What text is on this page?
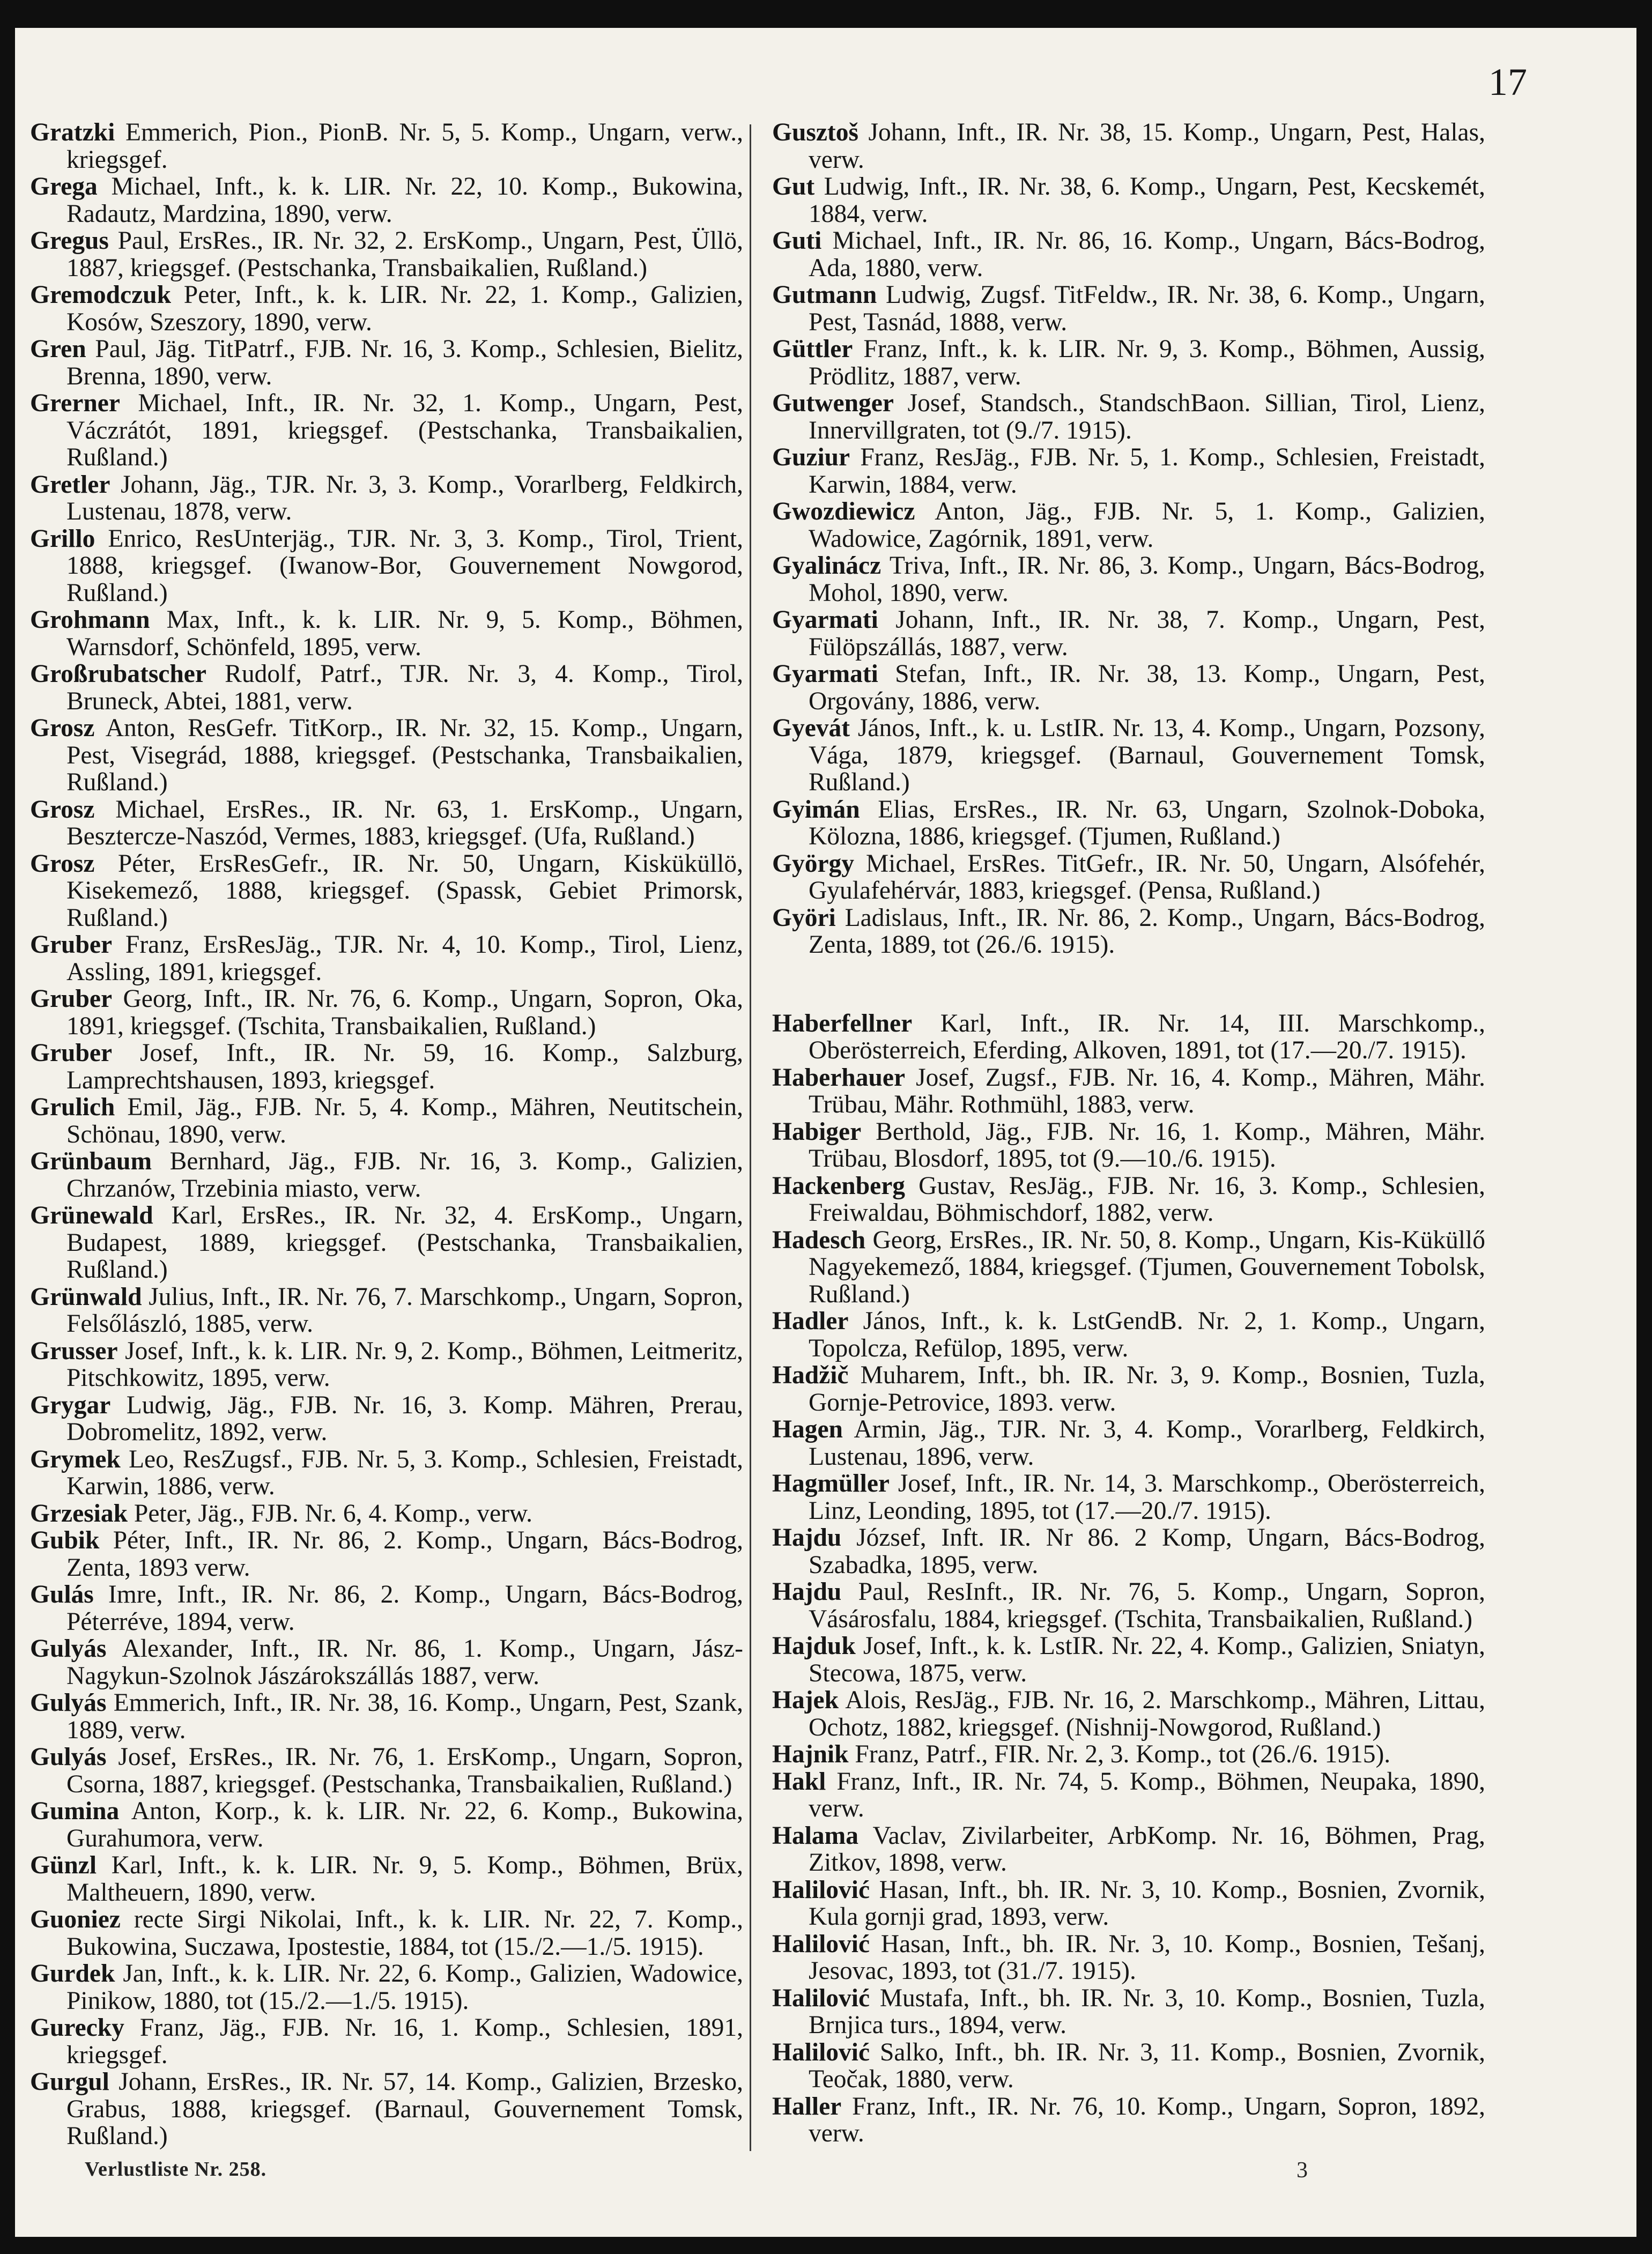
17

Gratzki Emmerich, Pion., PionB. Nr. 5, 5. Komp., Ungarn, verw., kriegsgef.

Grega Michael, Inft., k. k. LIR. Nr. 22, 10. Komp., Bukowina, Radautz, Mardzina, 1890, verw.

Gregus Paul, ErsRes., IR. Nr. 32, 2. ErsKomp., Ungarn, Pest, Üllö, 1887, kriegsgef. (Pestschanka, Transbaikalien, Rußland.)

Gremodczuk Peter, Inft., k. k. LIR. Nr. 22, 1. Komp., Galizien, Kosów, Szeszory, 1890, verw.

Gren Paul, Jäg. TitPatrf., FJB. Nr. 16, 3. Komp., Schlesien, Bielitz, Brenna, 1890, verw.

Grerner Michael, Inft., IR. Nr. 32, 1. Komp., Ungarn, Pest, Váczrátót, 1891, kriegsgef. (Pestschanka, Transbaikalien, Rußland.)

Gretler Johann, Jäg., TJR. Nr. 3, 3. Komp., Vorarlberg, Feldkirch, Lustenau, 1878, verw.

Grillo Enrico, ResUnterjäg., TJR. Nr. 3, 3. Komp., Tirol, Trient, 1888, kriegsgef. (Iwanow-Bor, Gouvernement Nowgorod, Rußland.)

Grohmann Max, Inft., k. k. LIR. Nr. 9, 5. Komp., Böhmen, Warnsdorf, Schönfeld, 1895, verw.

Großrubatscher Rudolf, Patrf., TJR. Nr. 3, 4. Komp., Tirol, Bruneck, Abtei, 1881, verw.

Grosz Anton, ResGefr. TitKorp., IR. Nr. 32, 15. Komp., Ungarn, Pest, Visegrád, 1888, kriegsgef. (Pestschanka, Transbaikalien, Rußland.)

Grosz Michael, ErsRes., IR. Nr. 63, 1. ErsKomp., Ungarn, Besztercze-Naszód, Vermes, 1883, kriegsgef. (Ufa, Rußland.)

Grosz Péter, ErsResGefr., IR. Nr. 50, Ungarn, Kisküküllö, Kisekemező, 1888, kriegsgef. (Spassk, Gebiet Primorsk, Rußland.)

Gruber Franz, ErsResJäg., TJR. Nr. 4, 10. Komp., Tirol, Lienz, Assling, 1891, kriegsgef.

Gruber Georg, Inft., IR. Nr. 76, 6. Komp., Ungarn, Sopron, Oka, 1891, kriegsgef. (Tschita, Transbaikalien, Rußland.)

Gruber Josef, Inft., IR. Nr. 59, 16. Komp., Salzburg, Lamprechtshausen, 1893, kriegsgef.

Grulich Emil, Jäg., FJB. Nr. 5, 4. Komp., Mähren, Neutitschein, Schönau, 1890, verw.

Grünbaum Bernhard, Jäg., FJB. Nr. 16, 3. Komp., Galizien, Chrzanów, Trzebinia miasto, verw.

Grünewald Karl, ErsRes., IR. Nr. 32, 4. ErsKomp., Ungarn, Budapest, 1889, kriegsgef. (Pestschanka, Transbaikalien, Rußland.)

Grünwald Julius, Inft., IR. Nr. 76, 7. Marschkomp., Ungarn, Sopron, Felsőlászló, 1885, verw.

Grusser Josef, Inft., k. k. LIR. Nr. 9, 2. Komp., Böhmen, Leitmeritz, Pitschkowitz, 1895, verw.

Grygar Ludwig, Jäg., FJB. Nr. 16, 3. Komp. Mähren, Prerau, Dobromelitz, 1892, verw.

Grymek Leo, ResZugsf., FJB. Nr. 5, 3. Komp., Schlesien, Freistadt, Karwin, 1886, verw.

Grzesiak Peter, Jäg., FJB. Nr. 6, 4. Komp., verw.

Gubik Péter, Inft., IR. Nr. 86, 2. Komp., Ungarn, Bács-Bodrog, Zenta, 1893 verw.

Gulás Imre, Inft., IR. Nr. 86, 2. Komp., Ungarn, Bács-Bodrog, Péterréve, 1894, verw.

Gulyás Alexander, Inft., IR. Nr. 86, 1. Komp., Ungarn, Jász-Nagykun-Szolnok Jászárokszállás 1887, verw.

Gulyás Emmerich, Inft., IR. Nr. 38, 16. Komp., Ungarn, Pest, Szank, 1889, verw.

Gulyás Josef, ErsRes., IR. Nr. 76, 1. ErsKomp., Ungarn, Sopron, Csorna, 1887, kriegsgef. (Pestschanka, Transbaikalien, Rußland.)

Gumina Anton, Korp., k. k. LIR. Nr. 22, 6. Komp., Bukowina, Gurahumora, verw.

Günzl Karl, Inft., k. k. LIR. Nr. 9, 5. Komp., Böhmen, Brüx, Maltheuern, 1890, verw.

Guoniez recte Sirgi Nikolai, Inft., k. k. LIR. Nr. 22, 7. Komp., Bukowina, Suczawa, Ipostestie, 1884, tot (15./2.—1./5. 1915).

Gurdek Jan, Inft., k. k. LIR. Nr. 22, 6. Komp., Galizien, Wadowice, Pinikow, 1880, tot (15./2.—1./5. 1915).

Gurecky Franz, Jäg., FJB. Nr. 16, 1. Komp., Schlesien, 1891, kriegsgef.

Gurgul Johann, ErsRes., IR. Nr. 57, 14. Komp., Galizien, Brzesko, Grabus, 1888, kriegsgef. (Barnaul, Gouvernement Tomsk, Rußland.)

Gusztoš Johann, Inft., IR. Nr. 38, 15. Komp., Ungarn, Pest, Halas, verw.

Gut Ludwig, Inft., IR. Nr. 38, 6. Komp., Ungarn, Pest, Kecskemét, 1884, verw.

Guti Michael, Inft., IR. Nr. 86, 16. Komp., Ungarn, Bács-Bodrog, Ada, 1880, verw.

Gutmann Ludwig, Zugsf. TitFeldw., IR. Nr. 38, 6. Komp., Ungarn, Pest, Tasnád, 1888, verw.

Güttler Franz, Inft., k. k. LIR. Nr. 9, 3. Komp., Böhmen, Aussig, Prödlitz, 1887, verw.

Gutwenger Josef, Standsch., StandschBaon. Sillian, Tirol, Lienz, Innervillgraten, tot (9./7. 1915).

Guziur Franz, ResJäg., FJB. Nr. 5, 1. Komp., Schlesien, Freistadt, Karwin, 1884, verw.

Gwozdiewicz Anton, Jäg., FJB. Nr. 5, 1. Komp., Galizien, Wadowice, Zagórnik, 1891, verw.

Gyalinácz Triva, Inft., IR. Nr. 86, 3. Komp., Ungarn, Bács-Bodrog, Mohol, 1890, verw.

Gyarmati Johann, Inft., IR. Nr. 38, 7. Komp., Ungarn, Pest, Fülöpszállás, 1887, verw.

Gyarmati Stefan, Inft., IR. Nr. 38, 13. Komp., Ungarn, Pest, Orgovány, 1886, verw.

Gyevát János, Inft., k. u. LstIR. Nr. 13, 4. Komp., Ungarn, Pozsony, Vága, 1879, kriegsgef. (Barnaul, Gouvernement Tomsk, Rußland.)

Gyimán Elias, ErsRes., IR. Nr. 63, Ungarn, Szolnok-Doboka, Kölozna, 1886, kriegsgef. (Tjumen, Rußland.)

György Michael, ErsRes. TitGefr., IR. Nr. 50, Ungarn, Alsófehér, Gyulafehérvár, 1883, kriegsgef. (Pensa, Rußland.)

Györi Ladislaus, Inft., IR. Nr. 86, 2. Komp., Ungarn, Bács-Bodrog, Zenta, 1889, tot (26./6. 1915).

Haberfellner Karl, Inft., IR. Nr. 14, III. Marschkomp., Oberösterreich, Eferding, Alkoven, 1891, tot (17.—20./7. 1915).

Haberhauer Josef, Zugsf., FJB. Nr. 16, 4. Komp., Mähren, Mähr. Trübau, Mähr. Rothmühl, 1883, verw.

Habiger Berthold, Jäg., FJB. Nr. 16, 1. Komp., Mähren, Mähr. Trübau, Blosdorf, 1895, tot (9.—10./6. 1915).

Hackenberg Gustav, ResJäg., FJB. Nr. 16, 3. Komp., Schlesien, Freiwaldau, Böhmischdorf, 1882, verw.

Hadesch Georg, ErsRes., IR. Nr. 50, 8. Komp., Ungarn, Kis-Küküllő Nagyekemező, 1884, kriegsgef. (Tjumen, Gouvernement Tobolsk, Rußland.)

Hadler János, Inft., k. k. LstGendB. Nr. 2, 1. Komp., Ungarn, Topolcza, Refülop, 1895, verw.

Hadžič Muharem, Inft., bh. IR. Nr. 3, 9. Komp., Bosnien, Tuzla, Gornje-Petrovice, 1893. verw.

Hagen Armin, Jäg., TJR. Nr. 3, 4. Komp., Vorarlberg, Feldkirch, Lustenau, 1896, verw.

Hagmüller Josef, Inft., IR. Nr. 14, 3. Marschkomp., Oberösterreich, Linz, Leonding, 1895, tot (17.—20./7. 1915).

Hajdu József, Inft. IR. Nr 86. 2 Komp, Ungarn, Bács-Bodrog, Szabadka, 1895, verw.

Hajdu Paul, ResInft., IR. Nr. 76, 5. Komp., Ungarn, Sopron, Vásárosfalu, 1884, kriegsgef. (Tschita, Transbaikalien, Rußland.)

Hajduk Josef, Inft., k. k. LstIR. Nr. 22, 4. Komp., Galizien, Sniatyn, Stecowa, 1875, verw.

Hajek Alois, ResJäg., FJB. Nr. 16, 2. Marschkomp., Mähren, Littau, Ochotz, 1882, kriegsgef. (Nishnij-Nowgorod, Rußland.)

Hajnik Franz, Patrf., FIR. Nr. 2, 3. Komp., tot (26./6. 1915).

Hakl Franz, Inft., IR. Nr. 74, 5. Komp., Böhmen, Neupaka, 1890, verw.

Halama Vaclav, Zivilarbeiter, ArbKomp. Nr. 16, Böhmen, Prag, Zitkov, 1898, verw.

Halilović Hasan, Inft., bh. IR. Nr. 3, 10. Komp., Bosnien, Zvornik, Kula gornji grad, 1893, verw.

Halilović Hasan, Inft., bh. IR. Nr. 3, 10. Komp., Bosnien, Tešanj, Jesovac, 1893, tot (31./7. 1915).

Halilović Mustafa, Inft., bh. IR. Nr. 3, 10. Komp., Bosnien, Tuzla, Brnjica turs., 1894, verw.

Halilović Salko, Inft., bh. IR. Nr. 3, 11. Komp., Bosnien, Zvornik, Teočak, 1880, verw.

Haller Franz, Inft., IR. Nr. 76, 10. Komp., Ungarn, Sopron, 1892, verw.

Verlustliste Nr. 258.	3
